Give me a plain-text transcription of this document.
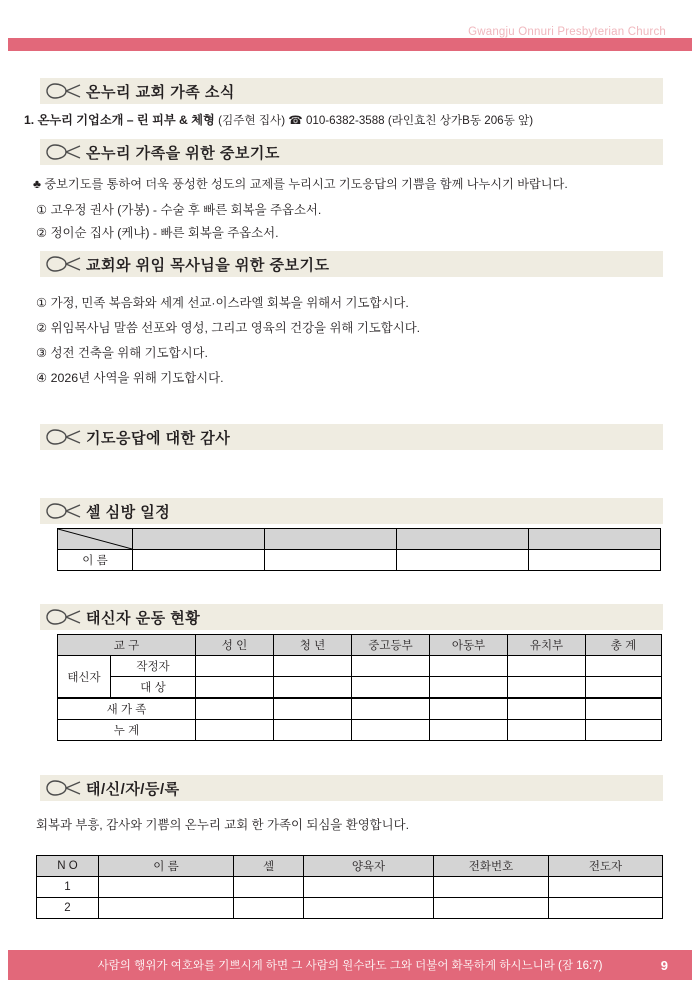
Gwangju Onnuri Presbyterian Church
온누리 교회 가족 소식
1. 온누리 기업소개 – 린 피부 & 체형 (김주현 집사) ☎ 010-6382-3588 (라인효친 상가B동 206동 앞)
온누리 가족을 위한 중보기도
♣ 중보기도를 통하여 더욱 풍성한 성도의 교제를 누리시고 기도응답의 기쁨을 함께 나누시기 바랍니다.
① 고우정 권사 (가봉) - 수술 후 빠른 회복을 주옵소서.
② 정이순 집사 (케냐) - 빠른 회복을 주옵소서.
교회와 위임 목사님을 위한 중보기도
① 가정, 민족 복음화와 세계 선교·이스라엘 회복을 위해서 기도합시다.
② 위임목사님 말씀 선포와 영성, 그리고 영육의 건강을 위해 기도합시다.
③ 성전 건축을 위해 기도합시다.
④ 2026년 사역을 위해 기도합시다.
기도응답에 대한 감사
셀 심방 일정

이 름				
태신자 운동 현황
교 구		성 인	청 년	중고등부	아동부	유치부	총 계
태신자	작정자						
	대 상						
새 가 족							
누 계							
태/신/자/등/록
회복과 부흥, 감사와 기쁨의 온누리 교회 한 가족이 되심을 환영합니다.
N O	이 름	셀	양육자	전화번호	전도자
1					
2					
사람의 행위가 여호와를 기쁘시게 하면 그 사람의 원수라도 그와 더불어 화목하게 하시느니라 (잠 16:7)	9
